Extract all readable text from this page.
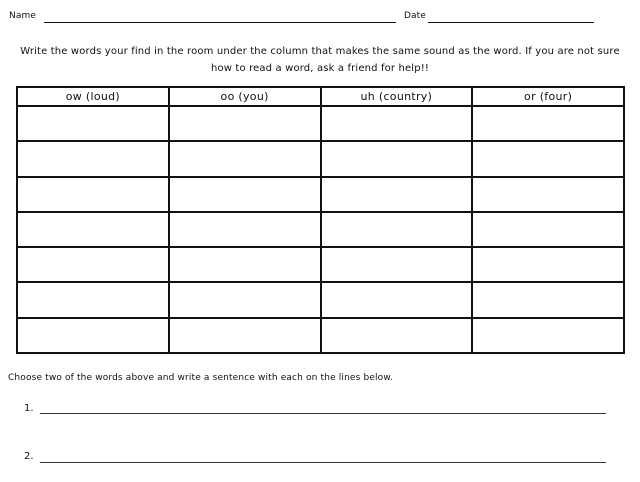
Name	Date
Write the words your find in the room under the column that makes the same sound as the word. If you are not sure how to read a word, ask a friend for help!!
ow (loud)	oo (you)	uh (country)	or (four)

Choose two of the words above and write a sentence with each on the lines below.
1.
2.
